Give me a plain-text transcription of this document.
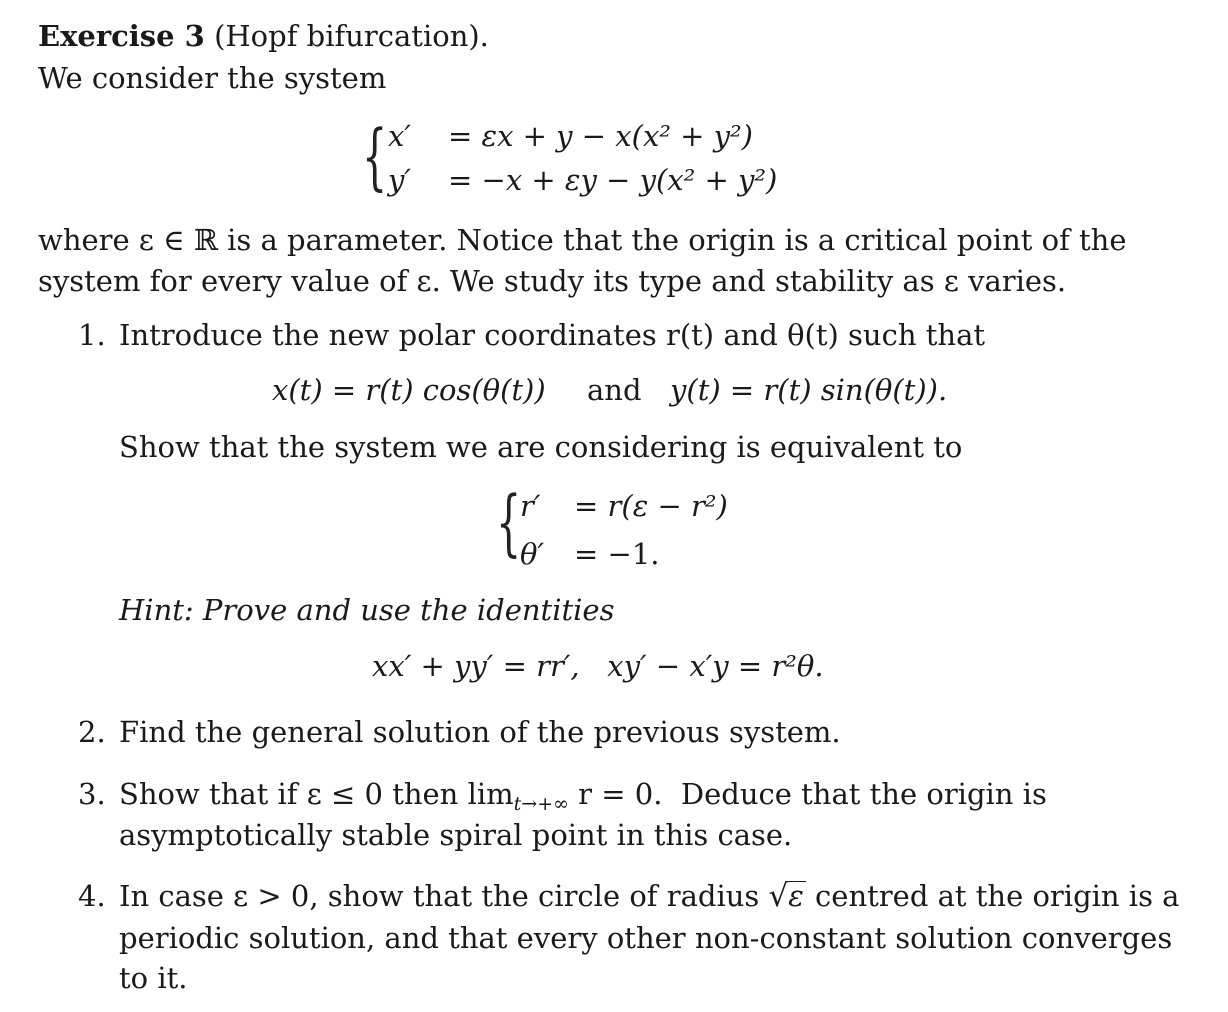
Exercise 3 (Hopf bifurcation).
We consider the system
{ x′ = εx + y − x(x² + y²)
y′ = −x + εy − y(x² + y²)
where ε ∈ ℝ is a parameter. Notice that the origin is a critical point of the
system for every value of ε. We study its type and stability as ε varies.
1. Introduce the new polar coordinates r(t) and θ(t) such that
x(t) = r(t) cos(θ(t)) and y(t) = r(t) sin(θ(t)).
Show that the system we are considering is equivalent to
{
r′ = r(ε − r²)
θ′ = −1.
Hint: Prove and use the identities
xx′ + yy′ = rr′,   xy′ − x′y = r²θ.
2. Find the general solution of the previous system.
3. Show that if ε ≤ 0 then $\lim_{t\to+\infty} r = 0$.  Deduce that the origin is
asymptotically stable spiral point in this case.
4. In case ε > 0, show that the circle of radius √ε centred at the origin is a
periodic solution, and that every other non-constant solution converges
to it.
